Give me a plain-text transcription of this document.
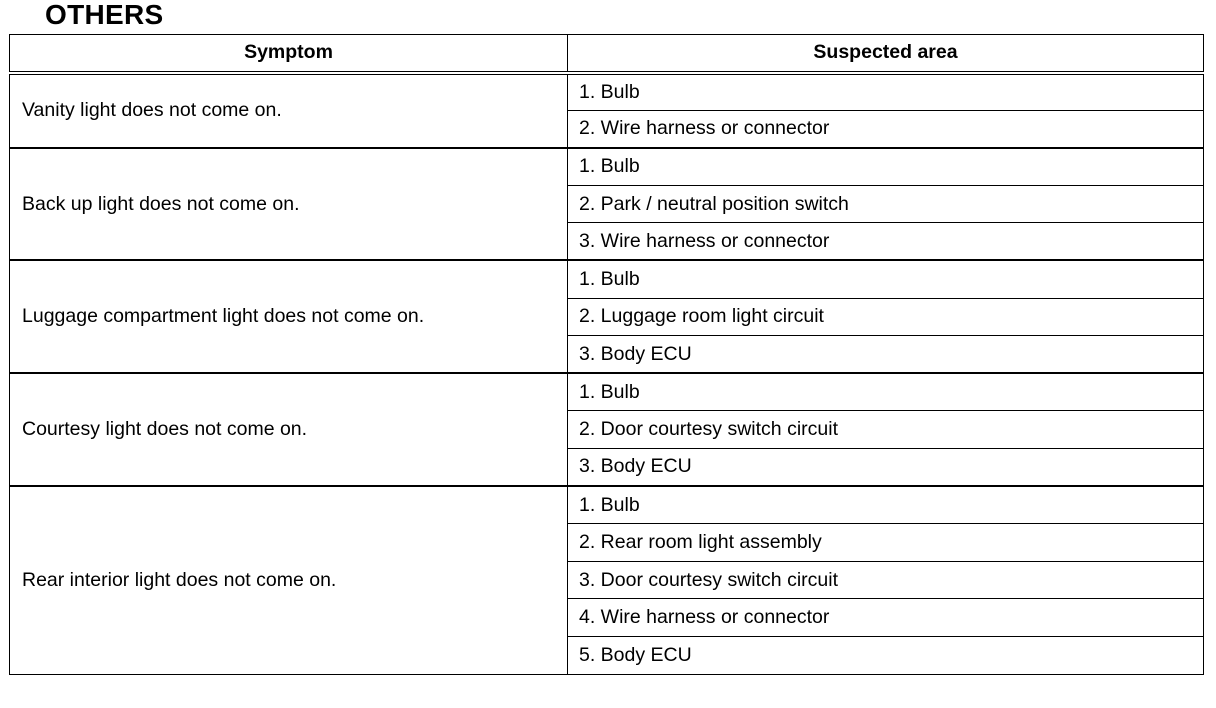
OTHERS
Symptom	Suspected area
Vanity light does not come on.	1. Bulb
	2. Wire harness or connector
Back up light does not come on.	1. Bulb
	2. Park / neutral position switch
	3. Wire harness or connector
Luggage compartment light does not come on.	1. Bulb
	2. Luggage room light circuit
	3. Body ECU
Courtesy light does not come on.	1. Bulb
	2. Door courtesy switch circuit
	3. Body ECU
Rear interior light does not come on.	1. Bulb
	2. Rear room light assembly
	3. Door courtesy switch circuit
	4. Wire harness or connector
	5. Body ECU
